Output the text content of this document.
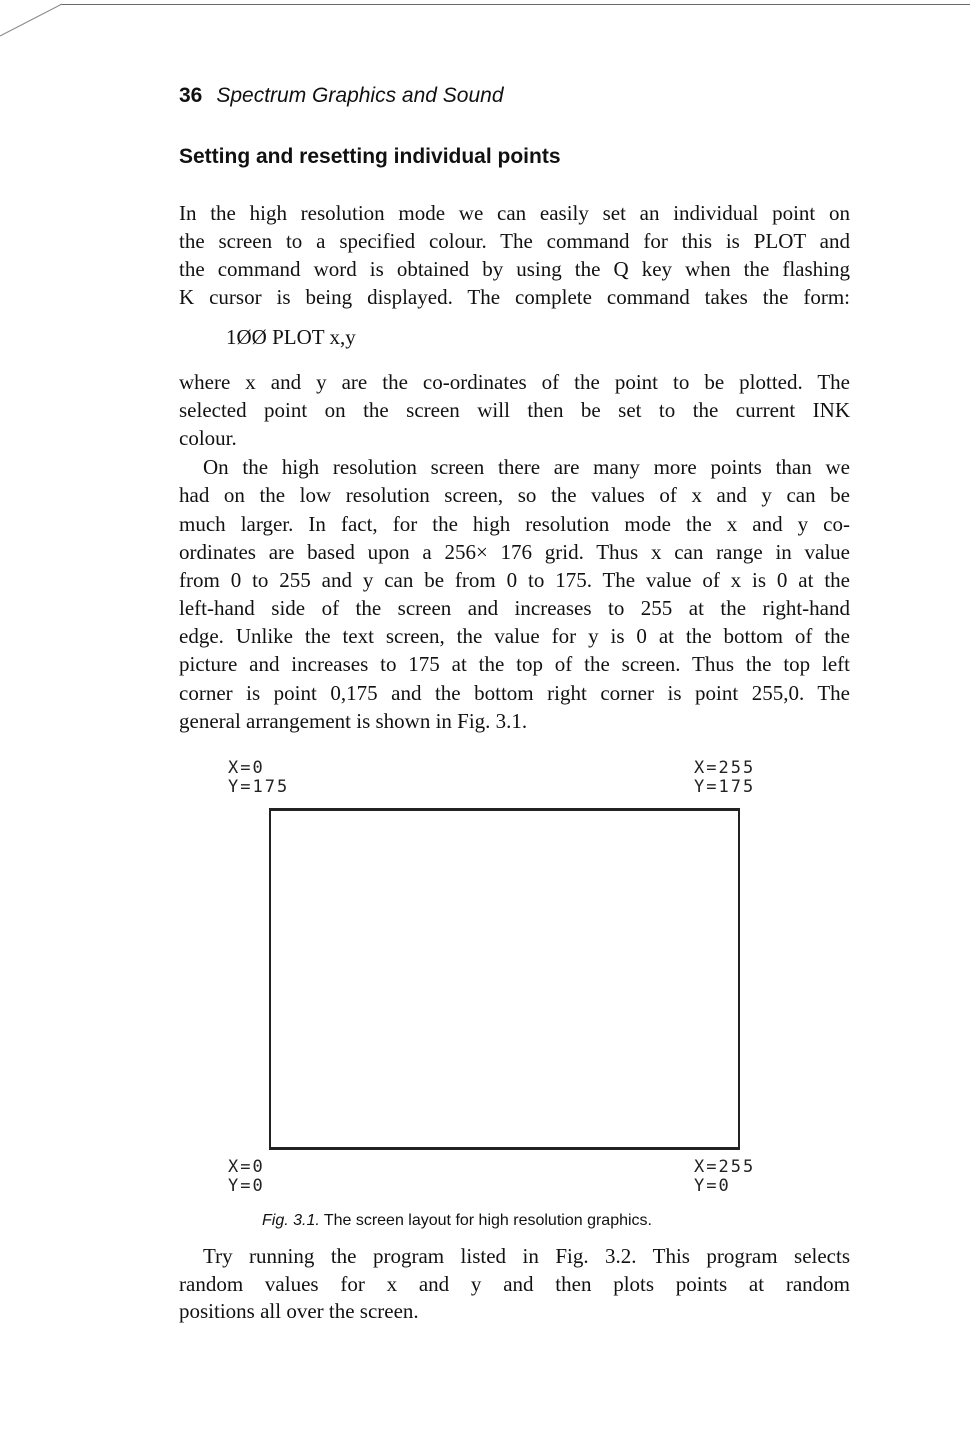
36 Spectrum Graphics and Sound
Setting and resetting individual points

In the high resolution mode we can easily set an individual point on

the screen to a specified colour. The command for this is PLOT and

the command word is obtained by using the Q key when the flashing

K cursor is being displayed. The complete command takes the form:

1ØØ PLOT x,y

where x and y are the co-ordinates of the point to be plotted. The

selected point on the screen will then be set to the current INK

colour.

On the high resolution screen there are many more points than we

had on the low resolution screen, so the values of x and y can be

much larger. In fact, for the high resolution mode the x and y co-

ordinates are based upon a 256× 176 grid. Thus x can range in value

from 0 to 255 and y can be from 0 to 175. The value of x is 0 at the

left-hand side of the screen and increases to 255 at the right-hand

edge. Unlike the text screen, the value for y is 0 at the bottom of the

picture and increases to 175 at the top of the screen. Thus the top left

corner is point 0,175 and the bottom right corner is point 255,0. The

general arrangement is shown in Fig. 3.1.

X=0
Y=175
X=255
Y=175
X=0
Y=0
X=255
Y=0

Fig. 3.1. The screen layout for high resolution graphics.

Try running the program listed in Fig. 3.2. This program selects

random values for x and y and then plots points at random

positions all over the screen.
